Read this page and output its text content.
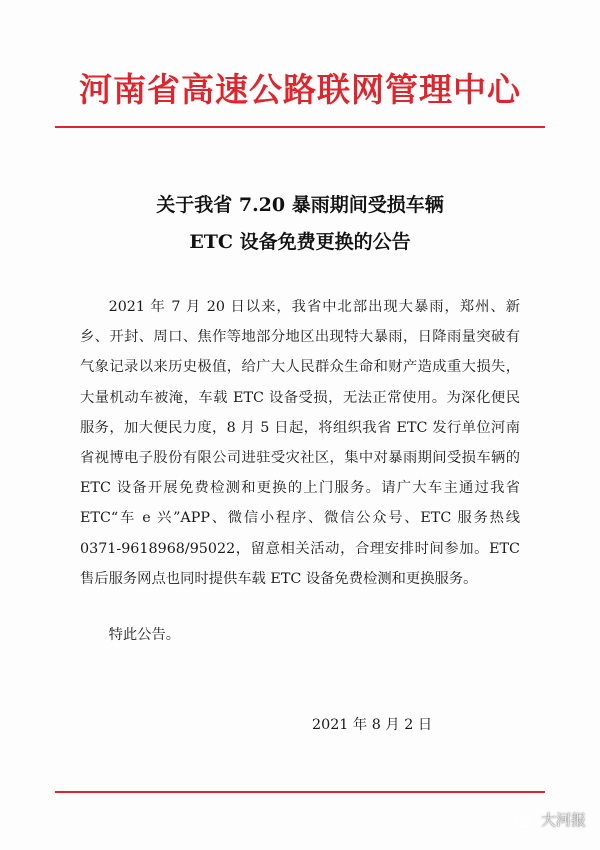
河南省高速公路联网管理中心
关于我省 7.20 暴雨期间受损车辆
ETC 设备免费更换的公告

2021 年 7 月 20 日以来，我省中北部出现大暴雨，郑州、新乡、开封、周口、焦作等地部分地区出现特大暴雨，日降雨量突破有气象记录以来历史极值，给广大人民群众生命和财产造成重大损失，大量机动车被淹，车载 ETC 设备受损，无法正常使用。为深化便民服务，加大便民力度，8 月 5 日起，将组织我省 ETC 发行单位河南省视博电子股份有限公司进驻受灾社区，集中对暴雨期间受损车辆的 ETC 设备开展免费检测和更换的上门服务。请广大车主通过我省 ETC“车 e 兴”APP、微信小程序、微信公众号、ETC 服务热线 0371-9618968/95022，留意相关活动，合理安排时间参加。ETC 售后服务网点也同时提供车载 ETC 设备免费检测和更换服务。

特此公告。

2021 年 8 月 2 日
大河报
